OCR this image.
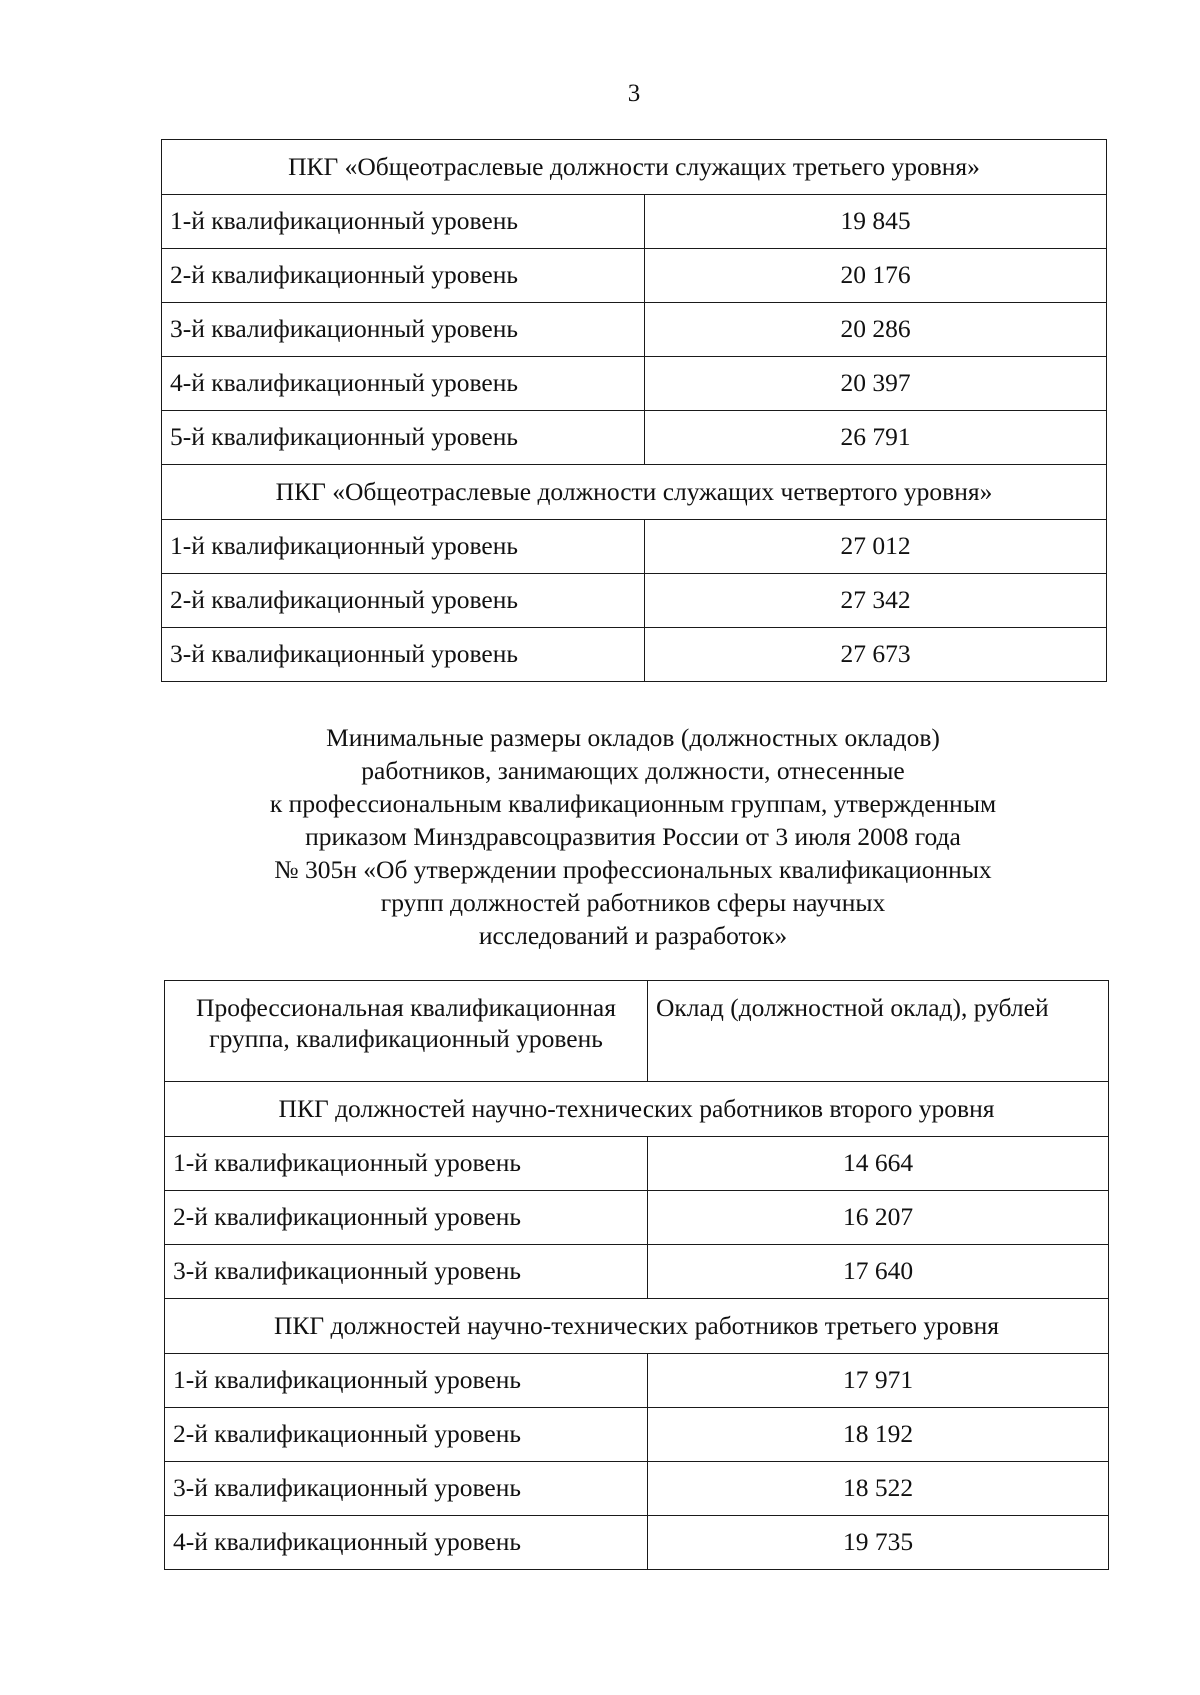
3
ПКГ «Общеотраслевые должности служащих третьего уровня»	
1-й квалификационный уровень	19 845
2-й квалификационный уровень	20 176
3-й квалификационный уровень	20 286
4-й квалификационный уровень	20 397
5-й квалификационный уровень	26 791
ПКГ «Общеотраслевые должности служащих четвертого уровня»	
1-й квалификационный уровень	27 012
2-й квалификационный уровень	27 342
3-й квалификационный уровень	27 673
Минимальные размеры окладов (должностных окладов)
работников, занимающих должности, отнесенные
к профессиональным квалификационным группам, утвержденным
приказом Минздравсоцразвития России от 3 июля 2008 года
№ 305н «Об утверждении профессиональных квалификационных
групп должностей работников сферы научных
исследований и разработок»
Профессиональная квалификационная
группа, квалификационный уровень	Оклад (должностной оклад), рублей
ПКГ должностей научно-технических работников второго уровня	
1-й квалификационный уровень	14 664
2-й квалификационный уровень	16 207
3-й квалификационный уровень	17 640
ПКГ должностей научно-технических работников третьего уровня	
1-й квалификационный уровень	17 971
2-й квалификационный уровень	18 192
3-й квалификационный уровень	18 522
4-й квалификационный уровень	19 735
